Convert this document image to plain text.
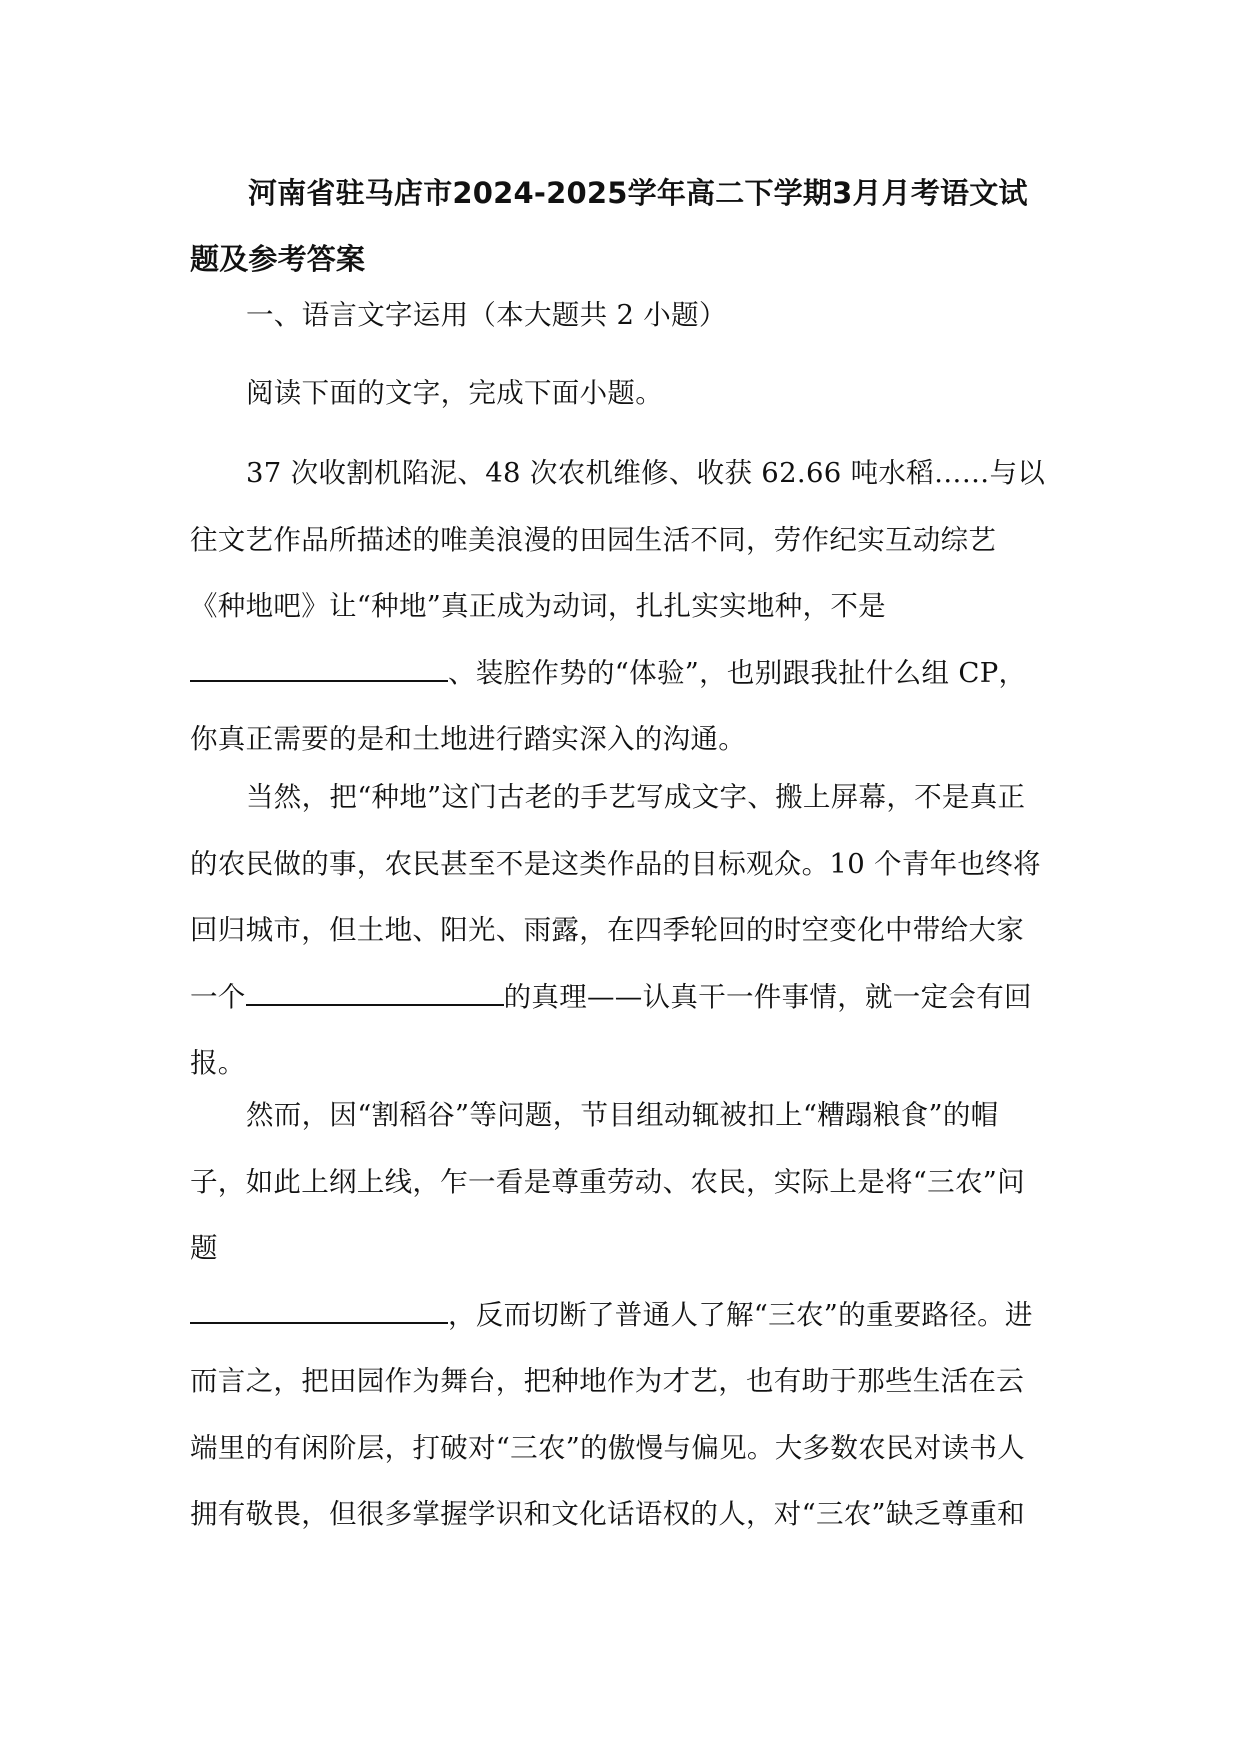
河南省驻马店市2024-2025学年高二下学期3月月考语文试题及参考答案
一、语言文字运用（本大题共 2 小题）
阅读下面的文字，完成下面小题。
37 次收割机陷泥、48 次农机维修、收获 62.66 吨水稻……与以往文艺作品所描述的唯美浪漫的田园生活不同，劳作纪实互动综艺《种地吧》让“种地”真正成为动词，扎扎实实地种，不是
、装腔作势的“体验”，也别跟我扯什么组 CP，你真正需要的是和土地进行踏实深入的沟通。
当然，把“种地”这门古老的手艺写成文字、搬上屏幕，不是真正的农民做的事，农民甚至不是这类作品的目标观众。10 个青年也终将回归城市，但土地、阳光、雨露，在四季轮回的时空变化中带给大家一个	的真理——认真干一件事情，就一定会有回报。
然而，因“割稻谷”等问题，节目组动辄被扣上“糟蹋粮食”的帽子，如此上纲上线，乍一看是尊重劳动、农民，实际上是将“三农”问题
，反而切断了普通人了解“三农”的重要路径。进而言之，把田园作为舞台，把种地作为才艺，也有助于那些生活在云端里的有闲阶层，打破对“三农”的傲慢与偏见。大多数农民对读书人拥有敬畏，但很多掌握学识和文化话语权的人，对“三农”缺乏尊重和
